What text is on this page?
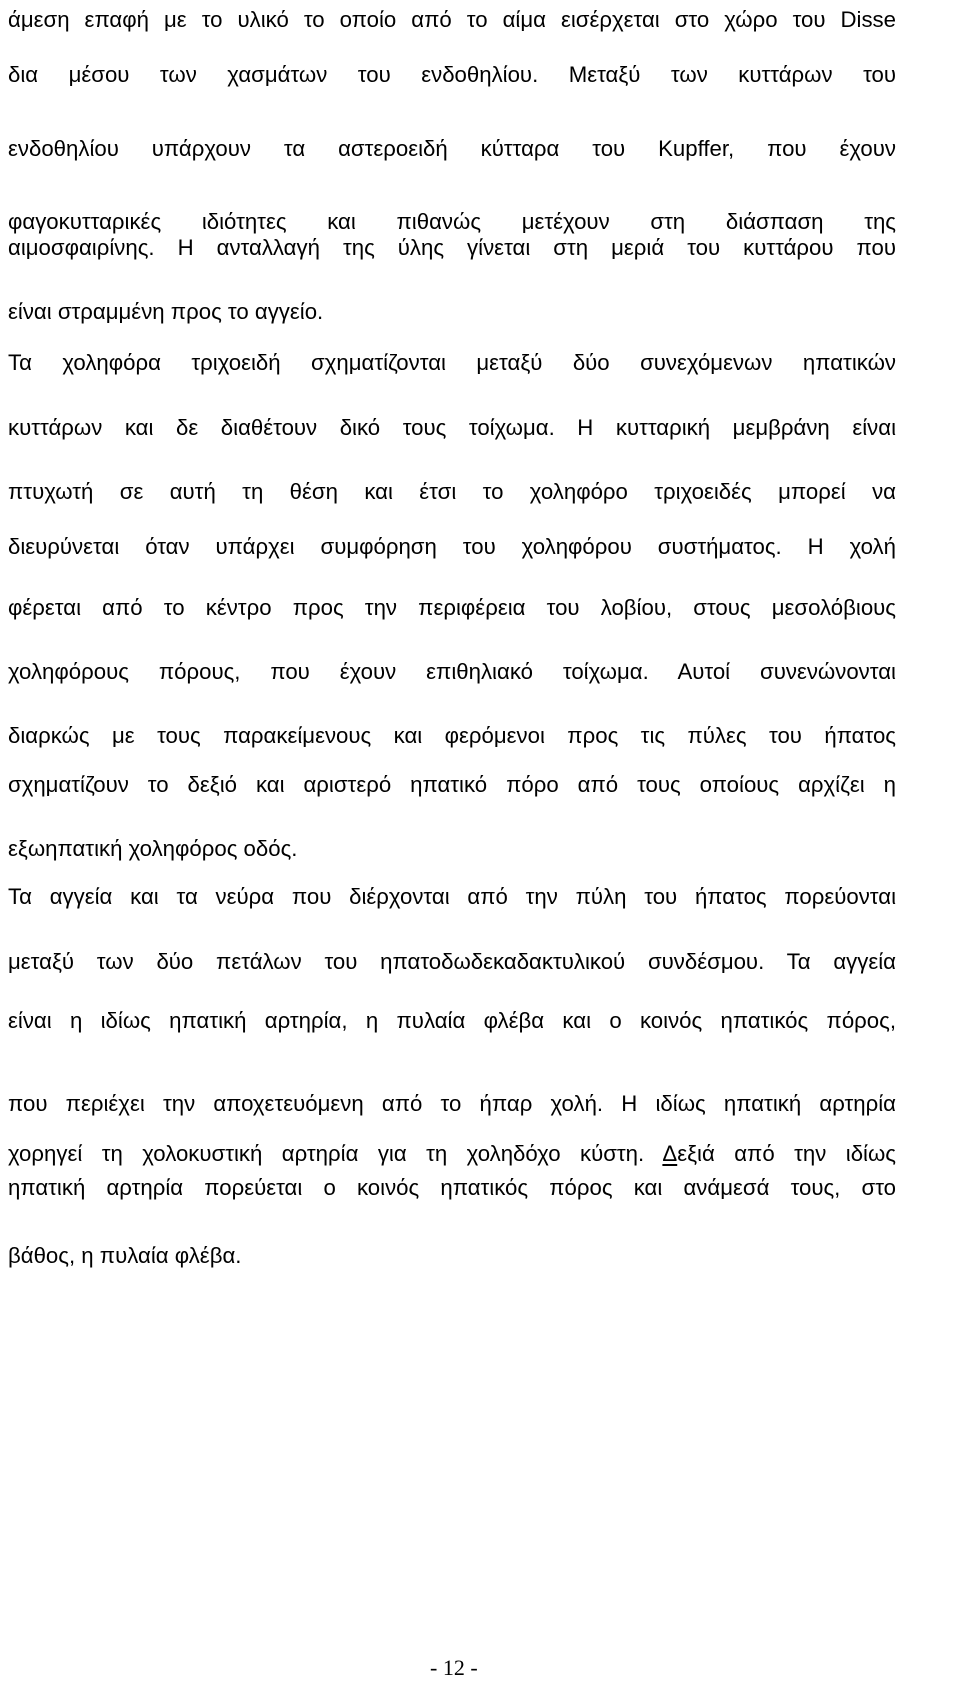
άμεση επαφή με το υλικό το οποίο από το αίμα εισέρχεται στο χώρο του Disse
δια μέσου των χασμάτων του ενδοθηλίου. Μεταξύ των κυττάρων του
ενδοθηλίου υπάρχουν τα αστεροειδή κύτταρα του Kupffer, που έχουν
φαγοκυτταρικές ιδιότητες και πιθανώς μετέχουν στη διάσπαση της
αιμοσφαιρίνης. Η ανταλλαγή της ύλης γίνεται στη μεριά του κυττάρου που
είναι στραμμένη προς το αγγείο.
Τα χοληφόρα τριχοειδή σχηματίζονται μεταξύ δύο συνεχόμενων ηπατικών
κυττάρων και δε διαθέτουν δικό τους τοίχωμα. Η κυτταρική μεμβράνη είναι
πτυχωτή σε αυτή τη θέση και έτσι το χοληφόρο τριχοειδές μπορεί να
διευρύνεται όταν υπάρχει συμφόρηση του χοληφόρου συστήματος. Η χολή
φέρεται από το κέντρο προς την περιφέρεια του λοβίου, στους μεσολόβιους
χοληφόρους πόρους, που έχουν επιθηλιακό τοίχωμα. Αυτοί συνενώνονται
διαρκώς με τους παρακείμενους και φερόμενοι προς τις πύλες του ήπατος
σχηματίζουν το δεξιό και αριστερό ηπατικό πόρο από τους οποίους αρχίζει η
εξωηπατική χοληφόρος οδός.
Τα αγγεία και τα νεύρα που διέρχονται από την πύλη του ήπατος πορεύονται
μεταξύ των δύο πετάλων του ηπατοδωδεκαδακτυλικού συνδέσμου. Τα αγγεία
είναι η ιδίως ηπατική αρτηρία, η πυλαία φλέβα και ο κοινός ηπατικός πόρος,
που περιέχει την αποχετευόμενη από το ήπαρ χολή. Η ιδίως ηπατική αρτηρία
χορηγεί τη χολοκυστική αρτηρία για τη χοληδόχο κύστη. Δεξιά από την ιδίως
ηπατική αρτηρία πορεύεται ο κοινός ηπατικός πόρος και ανάμεσά τους, στο
βάθος, η πυλαία φλέβα.
- 12 -
